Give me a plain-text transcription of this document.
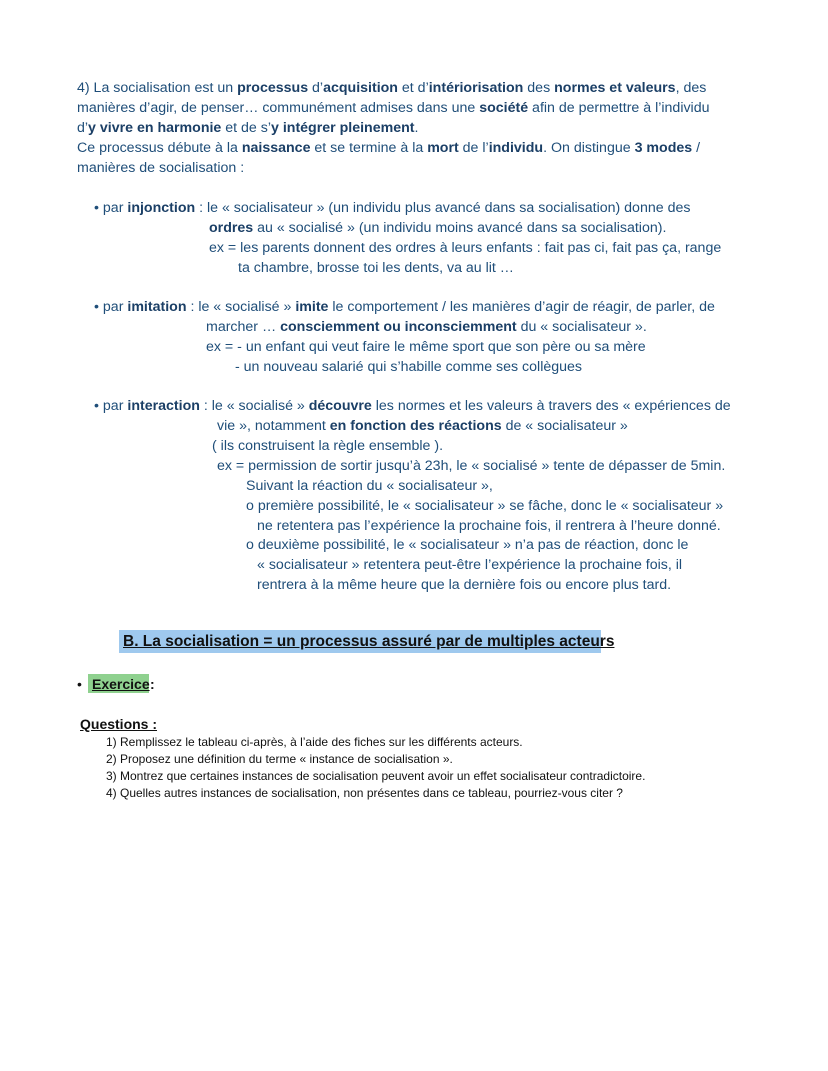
4) La socialisation est un processus d’acquisition et d’intériorisation des normes et valeurs, des
manières d’agir, de penser… communément admises dans une société afin de permettre à l’individu
d’y vivre en harmonie et de s’y intégrer pleinement.
Ce processus débute à la naissance et se termine à la mort de l’individu. On distingue 3 modes /
manières de socialisation :
• par injonction : le « socialisateur » (un individu plus avancé dans sa socialisation) donne des
ordres au « socialisé » (un individu moins avancé dans sa socialisation).
ex = les parents donnent des ordres à leurs enfants : fait pas ci, fait pas ça, range
ta chambre, brosse toi les dents, va au lit …
• par imitation : le « socialisé » imite le comportement / les manières d’agir de réagir, de parler, de
marcher … consciemment ou inconsciemment du « socialisateur ».
ex = - un enfant qui veut faire le même sport que son père ou sa mère
- un nouveau salarié qui s’habille comme ses collègues
• par interaction : le « socialisé » découvre les normes et les valeurs à travers des « expériences de
vie », notamment en fonction des réactions de « socialisateur »
( ils construisent la règle ensemble ).
ex = permission de sortir jusqu’à 23h, le « socialisé » tente de dépasser de 5min.
Suivant la réaction du « socialisateur »,
o première possibilité, le « socialisateur » se fâche, donc le « socialisateur »
ne retentera pas l’expérience la prochaine fois, il rentrera à l’heure donné.
o deuxième possibilité, le « socialisateur » n’a pas de réaction, donc le
« socialisateur » retentera peut-être l’expérience la prochaine fois, il
rentrera à la même heure que la dernière fois ou encore plus tard.
B. La socialisation = un processus assuré par de multiples acteurs
• Exercice :
Questions :
1) Remplissez le tableau ci-après, à l’aide des fiches sur les différents acteurs.
2) Proposez une définition du terme « instance de socialisation ».
3) Montrez que certaines instances de socialisation peuvent avoir un effet socialisateur contradictoire.
4) Quelles autres instances de socialisation, non présentes dans ce tableau, pourriez-vous citer ?
